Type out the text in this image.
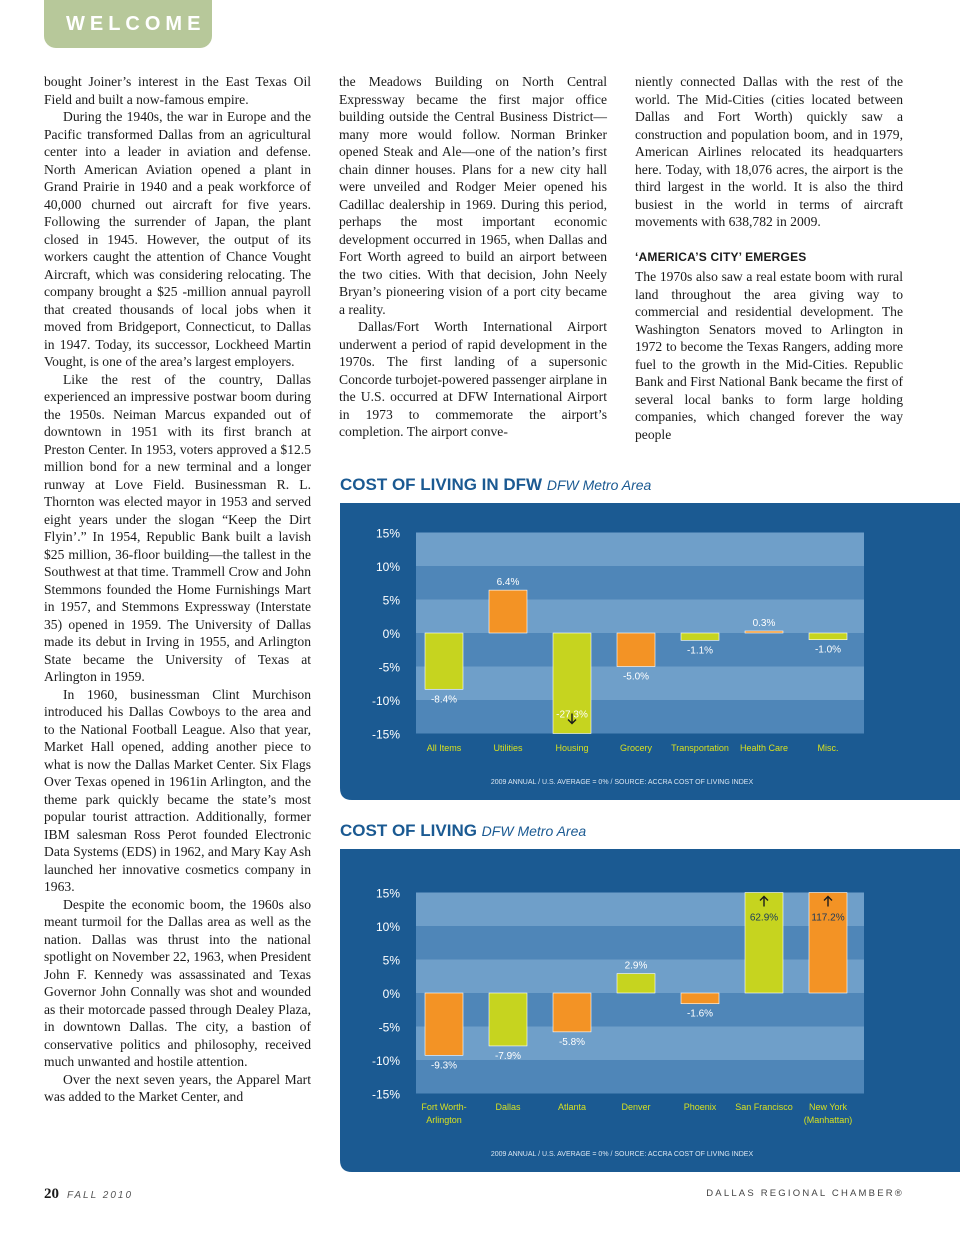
WELCOME

bought Joiner’s interest in the East Texas Oil Field and built a now-famous empire.

During the 1940s, the war in Europe and the Pacific transformed Dallas from an agricultural center into a leader in aviation and defense. North American Aviation opened a plant in Grand Prairie in 1940 and a peak workforce of 40,000 churned out aircraft for five years. Following the surrender of Japan, the plant closed in 1945. However, the output of its workers caught the attention of Chance Vought Aircraft, which was considering relocating. The company brought a $25 -million annual payroll that created thousands of local jobs when it moved from Bridgeport, Connecticut, to Dallas in 1947. Today, its successor, Lockheed Martin Vought, is one of the area’s largest employers.

Like the rest of the country, Dallas experienced an impressive postwar boom during the 1950s. Neiman Marcus expanded out of downtown in 1951 with its first branch at Preston Center. In 1953, voters approved a $12.5 million bond for a new terminal and a longer runway at Love Field. Businessman R. L. Thornton was elected mayor in 1953 and served eight years under the slogan “Keep the Dirt Flyin’.” In 1954, Republic Bank built a lavish $25 million, 36-floor building—the tallest in the Southwest at that time. Trammell Crow and John Stemmons founded the Home Furnishings Mart in 1957, and Stemmons Expressway (Interstate 35) opened in 1959. The University of Dallas made its debut in Irving in 1955, and Arlington State became the University of Texas at Arlington in 1959.

In 1960, businessman Clint Murchison introduced his Dallas Cowboys to the area and to the National Football League. Also that year, Market Hall opened, adding another piece to what is now the Dallas Market Center. Six Flags Over Texas opened in 1961in Arlington, and the theme park quickly became the state’s most popular tourist attraction. Additionally, former IBM salesman Ross Perot founded Electronic Data Systems (EDS) in 1962, and Mary Kay Ash launched her innovative cosmetics company in 1963.

Despite the economic boom, the 1960s also meant turmoil for the Dallas area as well as the nation. Dallas was thrust into the national spotlight on November 22, 1963, when President John F. Kennedy was assassinated and Texas Governor John Connally was shot and wounded as their motorcade passed through Dealey Plaza, in downtown Dallas. The city, a bastion of conservative politics and philosophy, received much unwanted and hostile attention.

Over the next seven years, the Apparel Mart was added to the Market Center, and

the Meadows Building on North Central Expressway became the first major office building outside the Central Business District—many more would follow. Norman Brinker opened Steak and Ale—one of the nation’s first chain dinner houses. Plans for a new city hall were unveiled and Rodger Meier opened his Cadillac dealership in 1969. During this period, perhaps the most important economic development occurred in 1965, when Dallas and Fort Worth agreed to build an airport between the two cities. With that decision, John Neely Bryan’s pioneering vision of a port city became a reality.

Dallas/Fort Worth International Airport underwent a period of rapid development in the 1970s. The first landing of a supersonic Concorde turbojet-powered passenger airplane in the U.S. occurred at DFW International Airport in 1973 to commemorate the airport’s completion. The airport conve-

niently connected Dallas with the rest of the world. The Mid-Cities (cities located between Dallas and Fort Worth) quickly saw a construction and population boom, and in 1979, American Airlines relocated its headquarters here. Today, with 18,076 acres, the airport is the third largest in the world. It is also the third busiest in the world in terms of aircraft movements with 638,782 in 2009.

‘AMERICA’S CITY’ EMERGES

The 1970s also saw a real estate boom with rural land throughout the area giving way to commercial and residential development. The Washington Senators moved to Arlington in 1972 to become the Texas Rangers, adding more fuel to the growth in the Mid-Cities. Republic Bank and First National Bank became the first of several local banks to form large holding companies, which changed forever the way people

COST OF LIVING IN DFW DFW Metro Area
15%
10%
5%
0%
-5%
-10%
-15%
-8.4%
All Items
6.4%
Utilities
-27.3%
Housing
-5.0%
Grocery
-1.1%
Transportation
0.3%
Health Care
-1.0%
Misc.
2009 ANNUAL / U.S. AVERAGE = 0% / SOURCE: ACCRA COST OF LIVING INDEX
COST OF LIVING DFW Metro Area
15%
10%
5%
0%
-5%
-10%
-15%
-9.3%
Fort Worth-Arlington
-7.9%
Dallas
-5.8%
Atlanta
2.9%
Denver
-1.6%
Phoenix
62.9%
San Francisco
117.2%
New York (Manhattan)
2009 ANNUAL / U.S. AVERAGE = 0% / SOURCE: ACCRA COST OF LIVING INDEX
20 FALL 2010	DALLAS REGIONAL CHAMBER®
